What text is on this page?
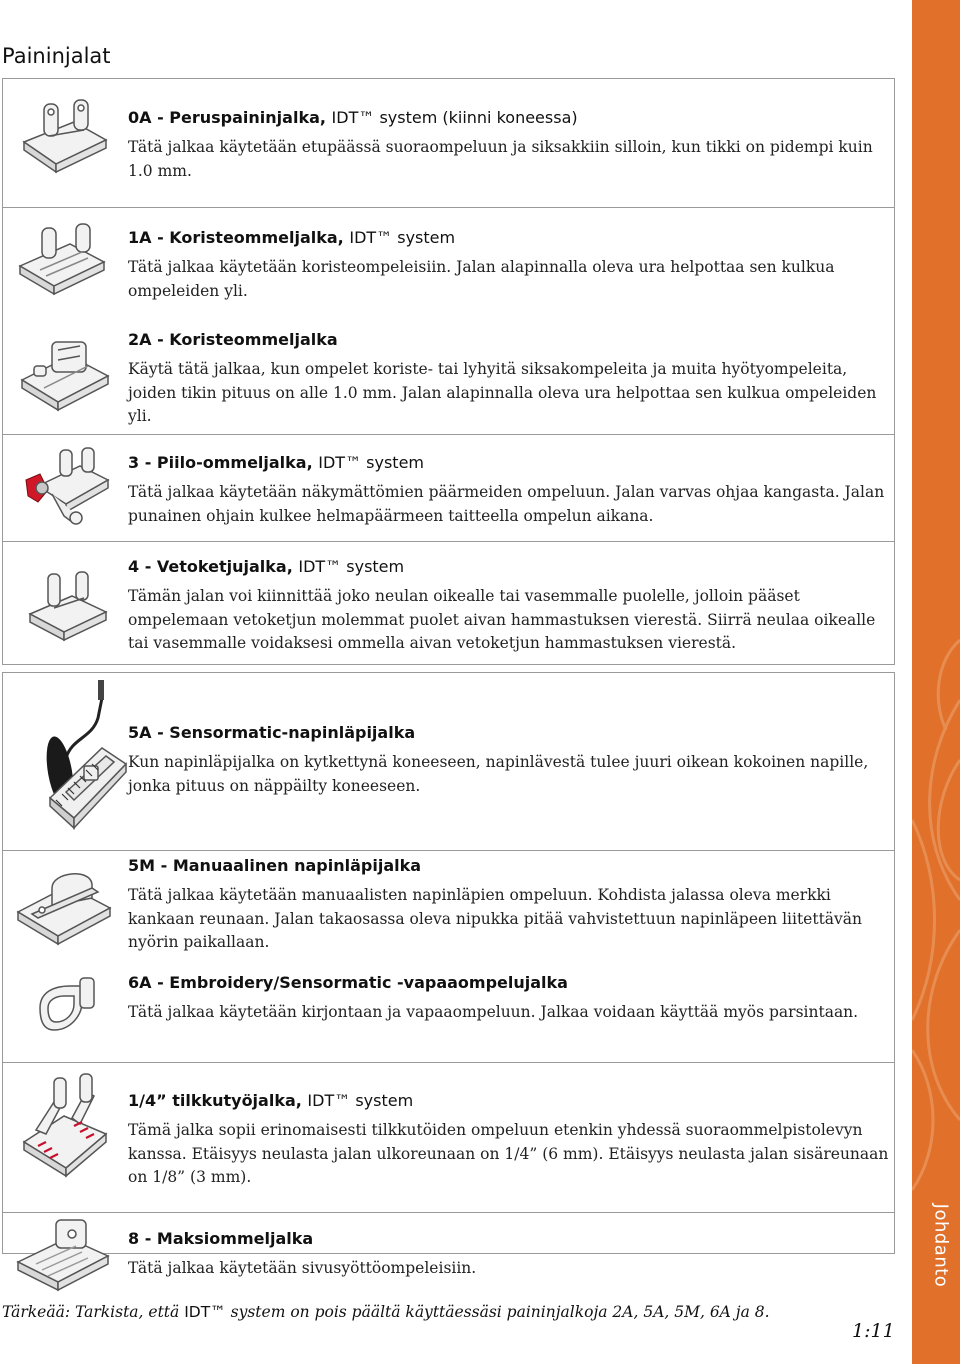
Johdanto
Paininjalat
0A - Peruspaininjalka, IDT™ system (kiinni koneessa)

Tätä jalkaa käytetään etupäässä suoraompeluun ja siksakkiin silloin, kun tikki on pidempi kuin 1.0 mm.

1A - Koristeommeljalka, IDT™ system

Tätä jalkaa käytetään koristeompeleisiin. Jalan alapinnalla oleva ura helpottaa sen kulkua ompeleiden yli.

2A - Koristeommeljalka

Käytä tätä jalkaa, kun ompelet koriste- tai lyhyitä siksakompeleita ja muita hyötyompeleita, joiden tikin pituus on alle 1.0 mm. Jalan alapinnalla oleva ura helpottaa sen kulkua ompeleiden yli.

3 - Piilo-ommeljalka, IDT™ system

Tätä jalkaa käytetään näkymättömien päärmeiden ompeluun. Jalan varvas ohjaa kangasta. Jalan punainen ohjain kulkee helmapäärmeen taitteella ompelun aikana.

4 - Vetoketjujalka, IDT™ system

Tämän jalan voi kiinnittää joko neulan oikealle tai vasemmalle puolelle, jolloin pääset ompelemaan vetoketjun molemmat puolet aivan hammastuksen vierestä. Siirrä neulaa oikealle tai vasemmalle voidaksesi ommella aivan vetoketjun hammastuksen vierestä.

5A - Sensormatic-napinläpijalka

Kun napinläpijalka on kytkettynä koneeseen, napinlävestä tulee juuri oikean kokoinen napille, jonka pituus on näppäilty koneeseen.

5M - Manuaalinen napinläpijalka

Tätä jalkaa käytetään manuaalisten napinläpien ompeluun. Kohdista jalassa oleva merkki kankaan reunaan. Jalan takaosassa oleva nipukka pitää vahvistettuun napinläpeen liitettävän nyörin paikallaan.

6A - Embroidery/Sensormatic -vapaaompelujalka

Tätä jalkaa käytetään kirjontaan ja vapaaompeluun. Jalkaa voidaan käyttää myös parsintaan.

1/4” tilkkutyöjalka, IDT™ system

Tämä jalka sopii erinomaisesti tilkkutöiden ompeluun etenkin yhdessä suoraommelpistolevyn kanssa. Etäisyys neulasta jalan ulkoreunaan on 1/4” (6 mm). Etäisyys neulasta jalan sisäreunaan on 1/8” (3 mm).

8 - Maksiommeljalka

Tätä jalkaa käytetään sivusyöttöompeleisiin.

Tärkeää: Tarkista, että IDT™ system on pois päältä käyttäessäsi paininjalkoja 2A, 5A, 5M, 6A ja 8.

1:11
